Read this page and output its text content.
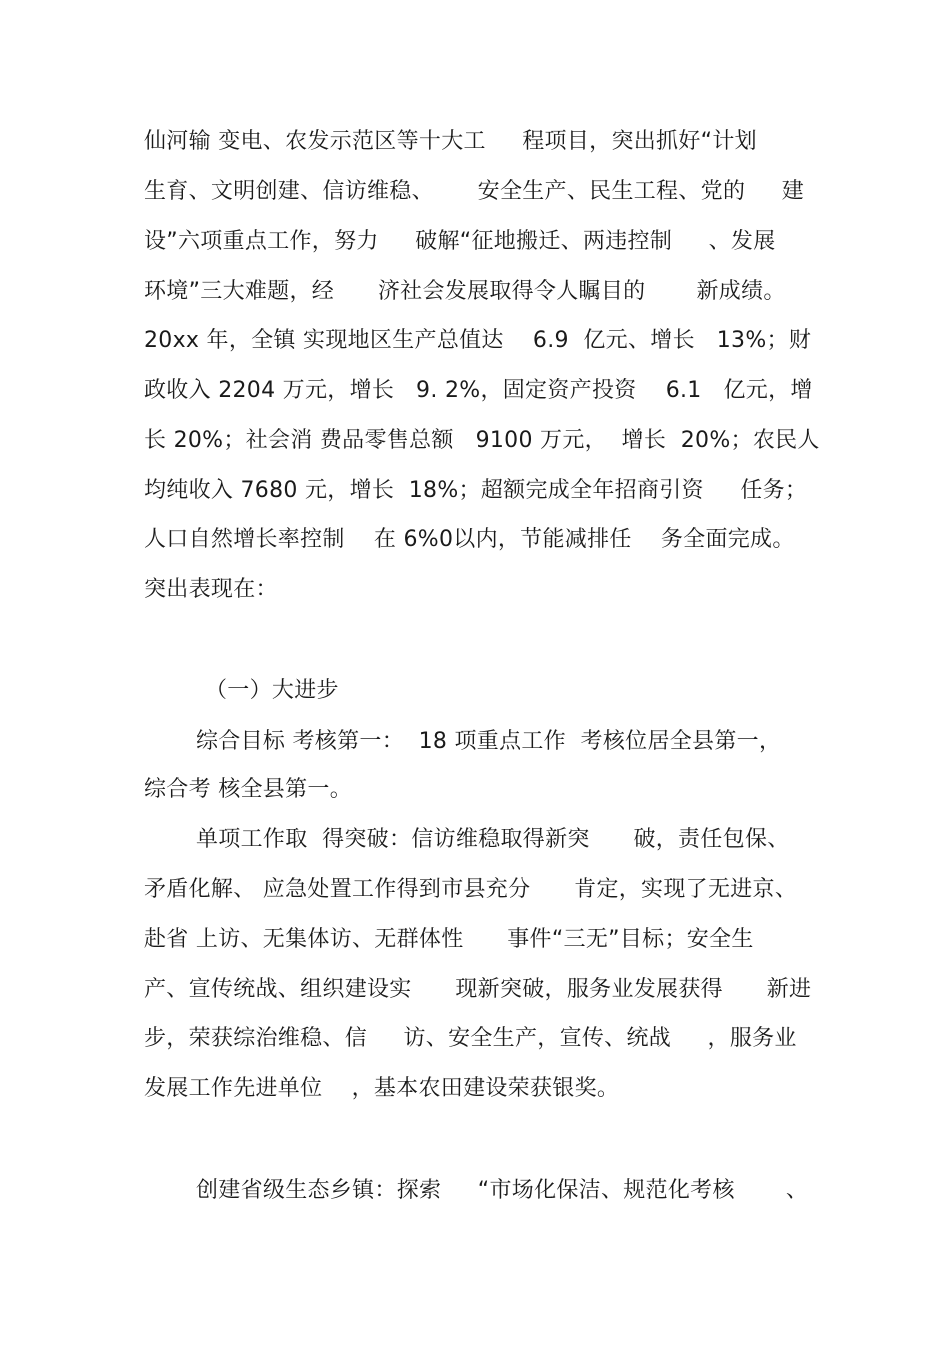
仙河输 变电、农发示范区等十大工     程项目，突出抓好“计划
生育、文明创建、信访维稳、      安全生产、民生工程、党的     建
设”六项重点工作，努力     破解“征地搬迁、两违控制     、发展
环境”三大难题，经      济社会发展取得令人瞩目的       新成绩。
20xx 年，全镇 实现地区生产总值达    6.9  亿元、增长   13%；财
政收入 2204 万元，增长   9. 2%，固定资产投资    6.1   亿元，增
长 20%；社会消 费品零售总额   9100 万元，  增长  20%；农民人
均纯收入 7680 元，增长  18%；超额完成全年招商引资     任务；
人口自然增长率控制    在 6%0以内，节能减排任    务全面完成。
突出表现在：
（一）大进步
综合目标 考核第一：  18 项重点工作  考核位居全县第一，
综合考 核全县第一。
单项工作取  得突破：信访维稳取得新突      破，责任包保、
矛盾化解、 应急处置工作得到市县充分      肯定，实现了无进京、
赴省 上访、无集体访、无群体性      事件“三无”目标；安全生
产、宣传统战、组织建设实      现新突破，服务业发展获得      新进
步，荣获综治维稳、信     访、安全生产，宣传、统战     ，服务业
发展工作先进单位    ，基本农田建设荣获银奖。
创建省级生态乡镇：探索     “市场化保洁、规范化考核       、
